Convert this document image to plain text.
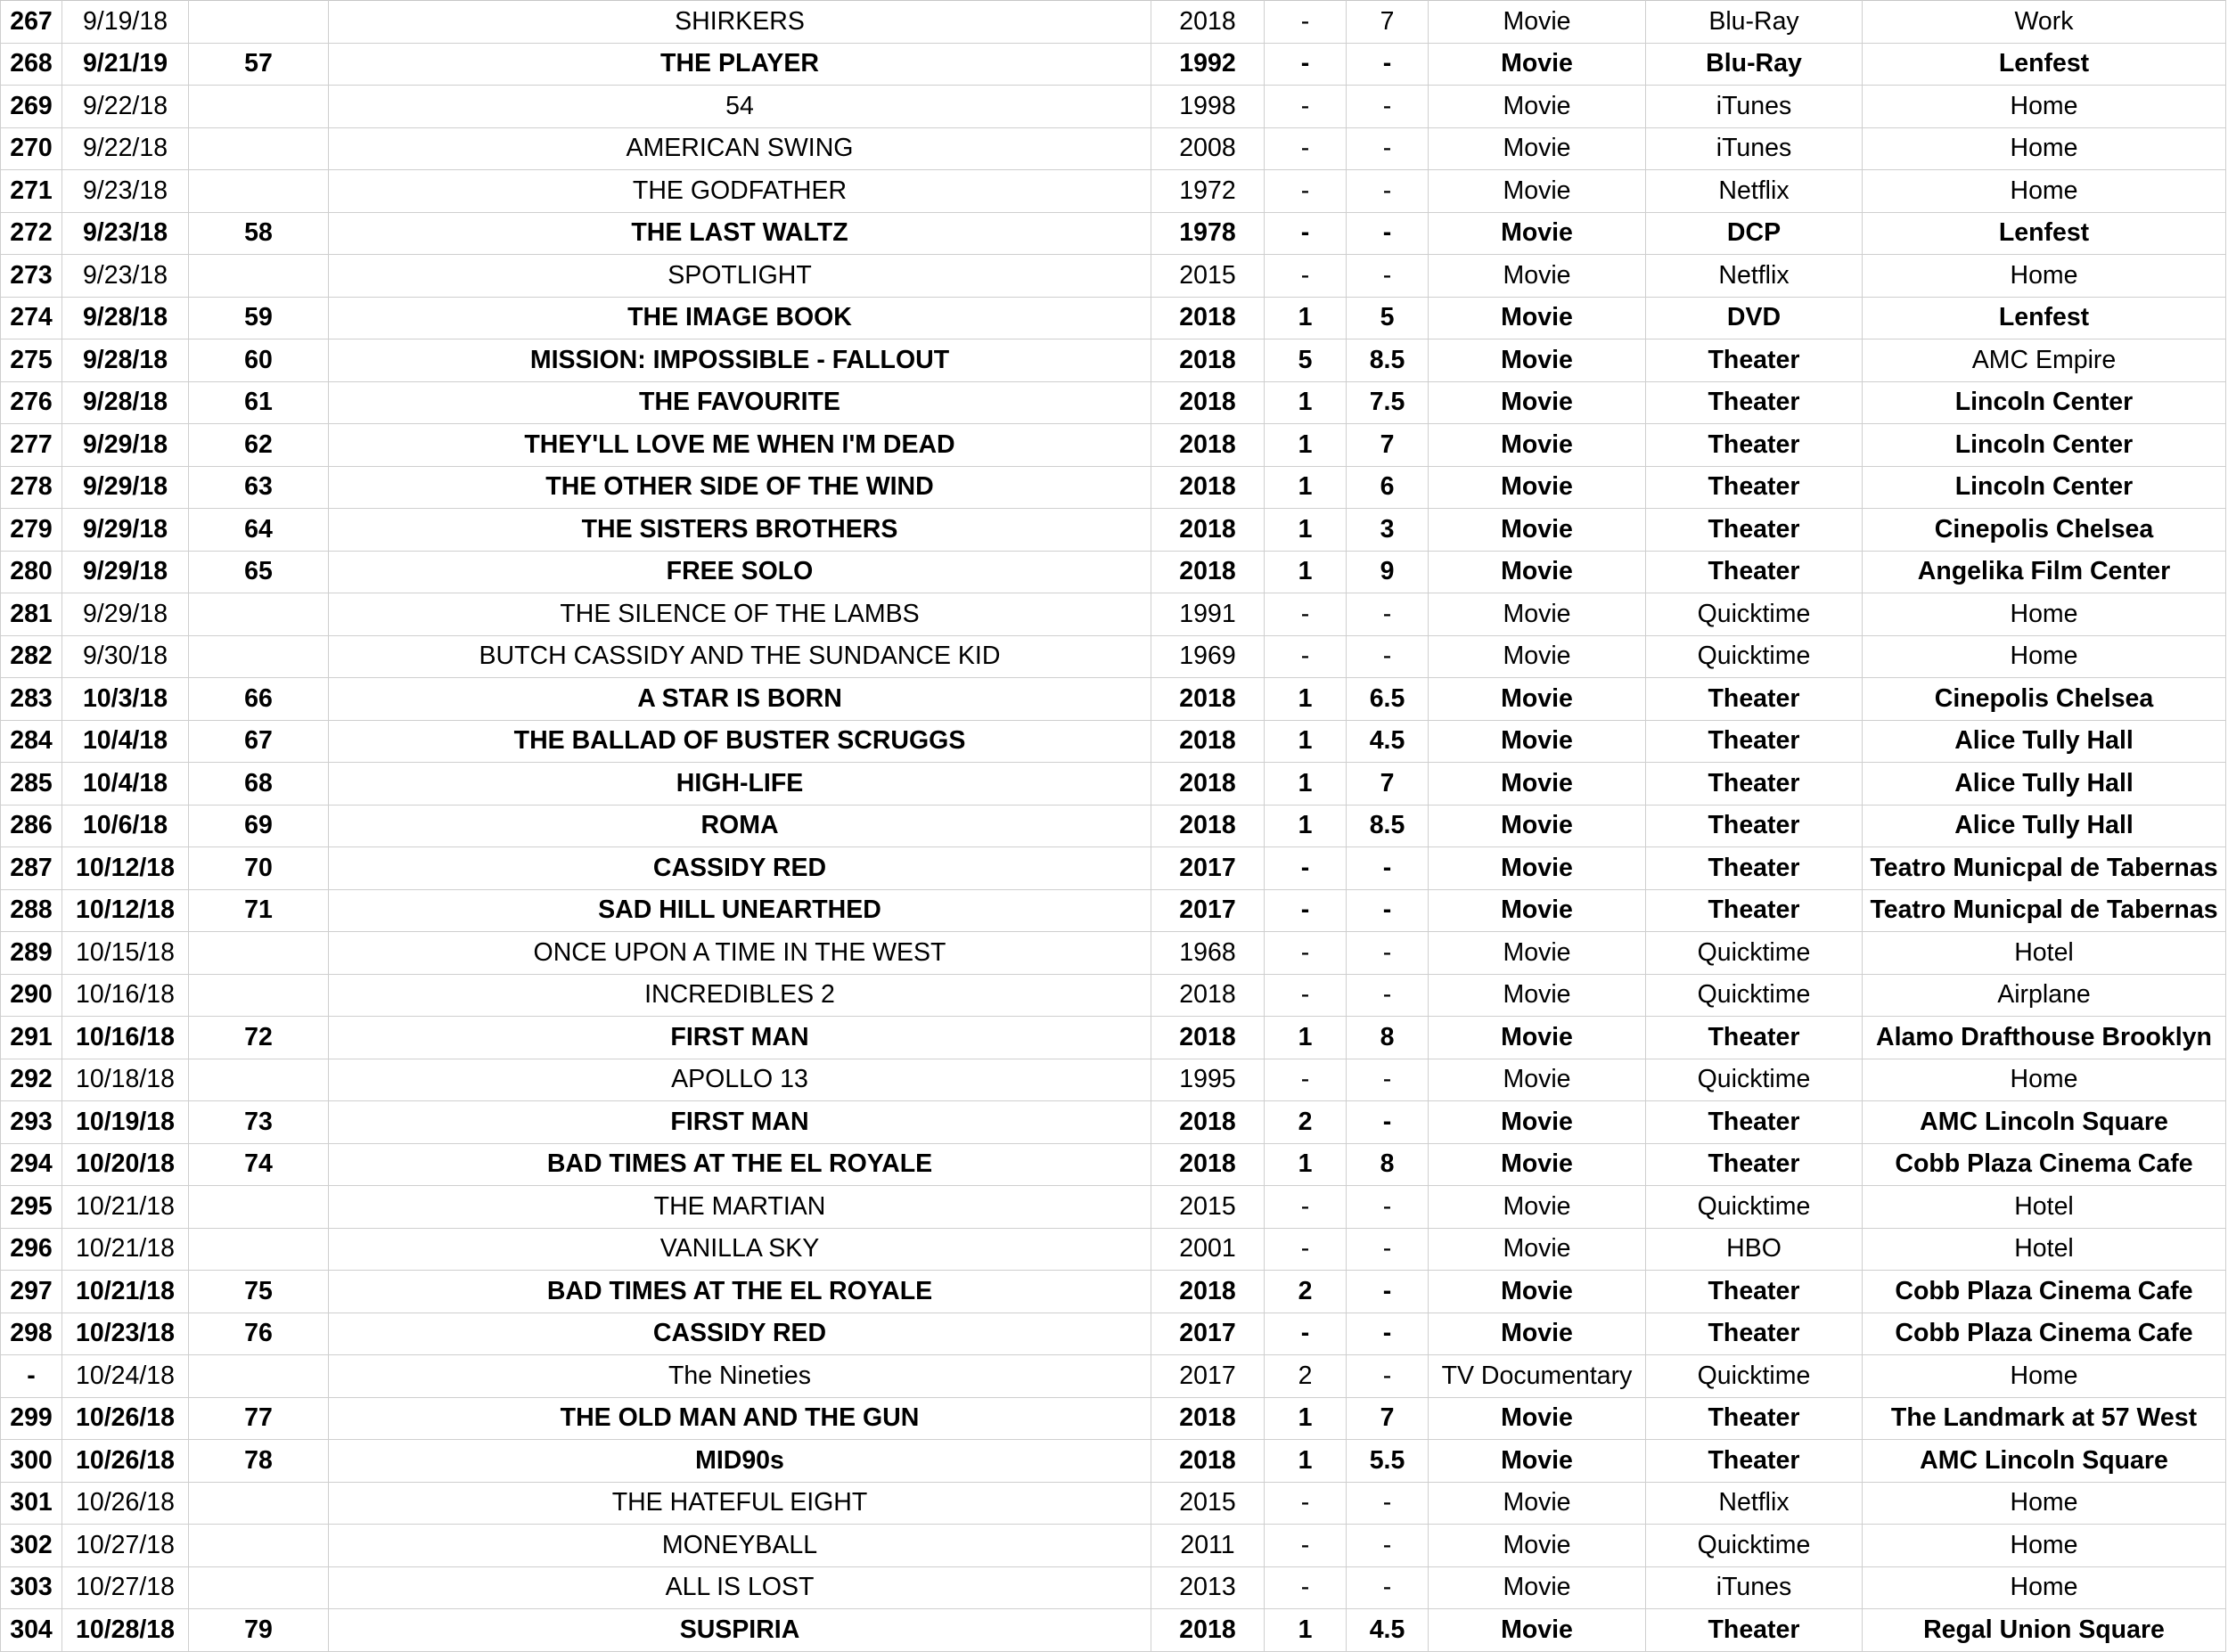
267	9/19/18		SHIRKERS	2018	-	7	Movie	Blu-Ray	Work
268	9/21/19	57	THE PLAYER	1992	-	-	Movie	Blu-Ray	Lenfest
269	9/22/18		54	1998	-	-	Movie	iTunes	Home
270	9/22/18		AMERICAN SWING	2008	-	-	Movie	iTunes	Home
271	9/23/18		THE GODFATHER	1972	-	-	Movie	Netflix	Home
272	9/23/18	58	THE LAST WALTZ	1978	-	-	Movie	DCP	Lenfest
273	9/23/18		SPOTLIGHT	2015	-	-	Movie	Netflix	Home
274	9/28/18	59	THE IMAGE BOOK	2018	1	5	Movie	DVD	Lenfest
275	9/28/18	60	MISSION: IMPOSSIBLE - FALLOUT	2018	5	8.5	Movie	Theater	AMC Empire
276	9/28/18	61	THE FAVOURITE	2018	1	7.5	Movie	Theater	Lincoln Center
277	9/29/18	62	THEY'LL LOVE ME WHEN I'M DEAD	2018	1	7	Movie	Theater	Lincoln Center
278	9/29/18	63	THE OTHER SIDE OF THE WIND	2018	1	6	Movie	Theater	Lincoln Center
279	9/29/18	64	THE SISTERS BROTHERS	2018	1	3	Movie	Theater	Cinepolis Chelsea
280	9/29/18	65	FREE SOLO	2018	1	9	Movie	Theater	Angelika Film Center
281	9/29/18		THE SILENCE OF THE LAMBS	1991	-	-	Movie	Quicktime	Home
282	9/30/18		BUTCH CASSIDY AND THE SUNDANCE KID	1969	-	-	Movie	Quicktime	Home
283	10/3/18	66	A STAR IS BORN	2018	1	6.5	Movie	Theater	Cinepolis Chelsea
284	10/4/18	67	THE BALLAD OF BUSTER SCRUGGS	2018	1	4.5	Movie	Theater	Alice Tully Hall
285	10/4/18	68	HIGH-LIFE	2018	1	7	Movie	Theater	Alice Tully Hall
286	10/6/18	69	ROMA	2018	1	8.5	Movie	Theater	Alice Tully Hall
287	10/12/18	70	CASSIDY RED	2017	-	-	Movie	Theater	Teatro Municpal de Tabernas
288	10/12/18	71	SAD HILL UNEARTHED	2017	-	-	Movie	Theater	Teatro Municpal de Tabernas
289	10/15/18		ONCE UPON A TIME IN THE WEST	1968	-	-	Movie	Quicktime	Hotel
290	10/16/18		INCREDIBLES 2	2018	-	-	Movie	Quicktime	Airplane
291	10/16/18	72	FIRST MAN	2018	1	8	Movie	Theater	Alamo Drafthouse Brooklyn
292	10/18/18		APOLLO 13	1995	-	-	Movie	Quicktime	Home
293	10/19/18	73	FIRST MAN	2018	2	-	Movie	Theater	AMC Lincoln Square
294	10/20/18	74	BAD TIMES AT THE EL ROYALE	2018	1	8	Movie	Theater	Cobb Plaza Cinema Cafe
295	10/21/18		THE MARTIAN	2015	-	-	Movie	Quicktime	Hotel
296	10/21/18		VANILLA SKY	2001	-	-	Movie	HBO	Hotel
297	10/21/18	75	BAD TIMES AT THE EL ROYALE	2018	2	-	Movie	Theater	Cobb Plaza Cinema Cafe
298	10/23/18	76	CASSIDY RED	2017	-	-	Movie	Theater	Cobb Plaza Cinema Cafe
-	10/24/18		The Nineties	2017	2	-	TV Documentary	Quicktime	Home
299	10/26/18	77	THE OLD MAN AND THE GUN	2018	1	7	Movie	Theater	The Landmark at 57 West
300	10/26/18	78	MID90s	2018	1	5.5	Movie	Theater	AMC Lincoln Square
301	10/26/18		THE HATEFUL EIGHT	2015	-	-	Movie	Netflix	Home
302	10/27/18		MONEYBALL	2011	-	-	Movie	Quicktime	Home
303	10/27/18		ALL IS LOST	2013	-	-	Movie	iTunes	Home
304	10/28/18	79	SUSPIRIA	2018	1	4.5	Movie	Theater	Regal Union Square
